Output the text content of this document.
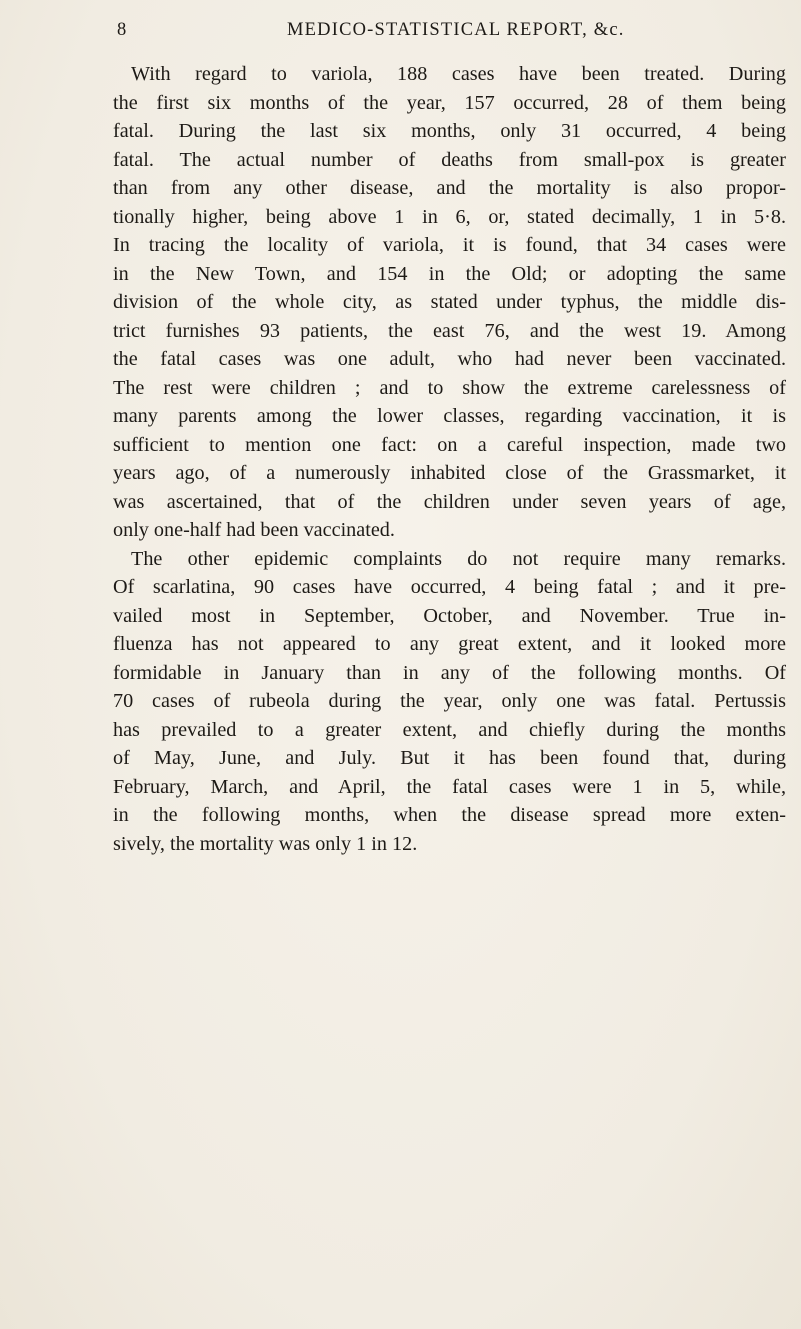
8	MEDICO-STATISTICAL REPORT, &c.
With regard to variola, 188 cases have been treated. During
the first six months of the year, 157 occurred, 28 of them being
fatal. During the last six months, only 31 occurred, 4 being
fatal. The actual number of deaths from small-pox is greater
than from any other disease, and the mortality is also propor-
tionally higher, being above 1 in 6, or, stated decimally, 1 in 5·8.
In tracing the locality of variola, it is found, that 34 cases were
in the New Town, and 154 in the Old; or adopting the same
division of the whole city, as stated under typhus, the middle dis-
trict furnishes 93 patients, the east 76, and the west 19. Among
the fatal cases was one adult, who had never been vaccinated.
The rest were children ; and to show the extreme carelessness of
many parents among the lower classes, regarding vaccination, it is
sufficient to mention one fact: on a careful inspection, made two
years ago, of a numerously inhabited close of the Grassmarket, it
was ascertained, that of the children under seven years of age,
only one-half had been vaccinated.
The other epidemic complaints do not require many remarks.
Of scarlatina, 90 cases have occurred, 4 being fatal ; and it pre-
vailed most in September, October, and November. True in-
fluenza has not appeared to any great extent, and it looked more
formidable in January than in any of the following months. Of
70 cases of rubeola during the year, only one was fatal. Pertussis
has prevailed to a greater extent, and chiefly during the months
of May, June, and July. But it has been found that, during
February, March, and April, the fatal cases were 1 in 5, while,
in the following months, when the disease spread more exten-
sively, the mortality was only 1 in 12.
